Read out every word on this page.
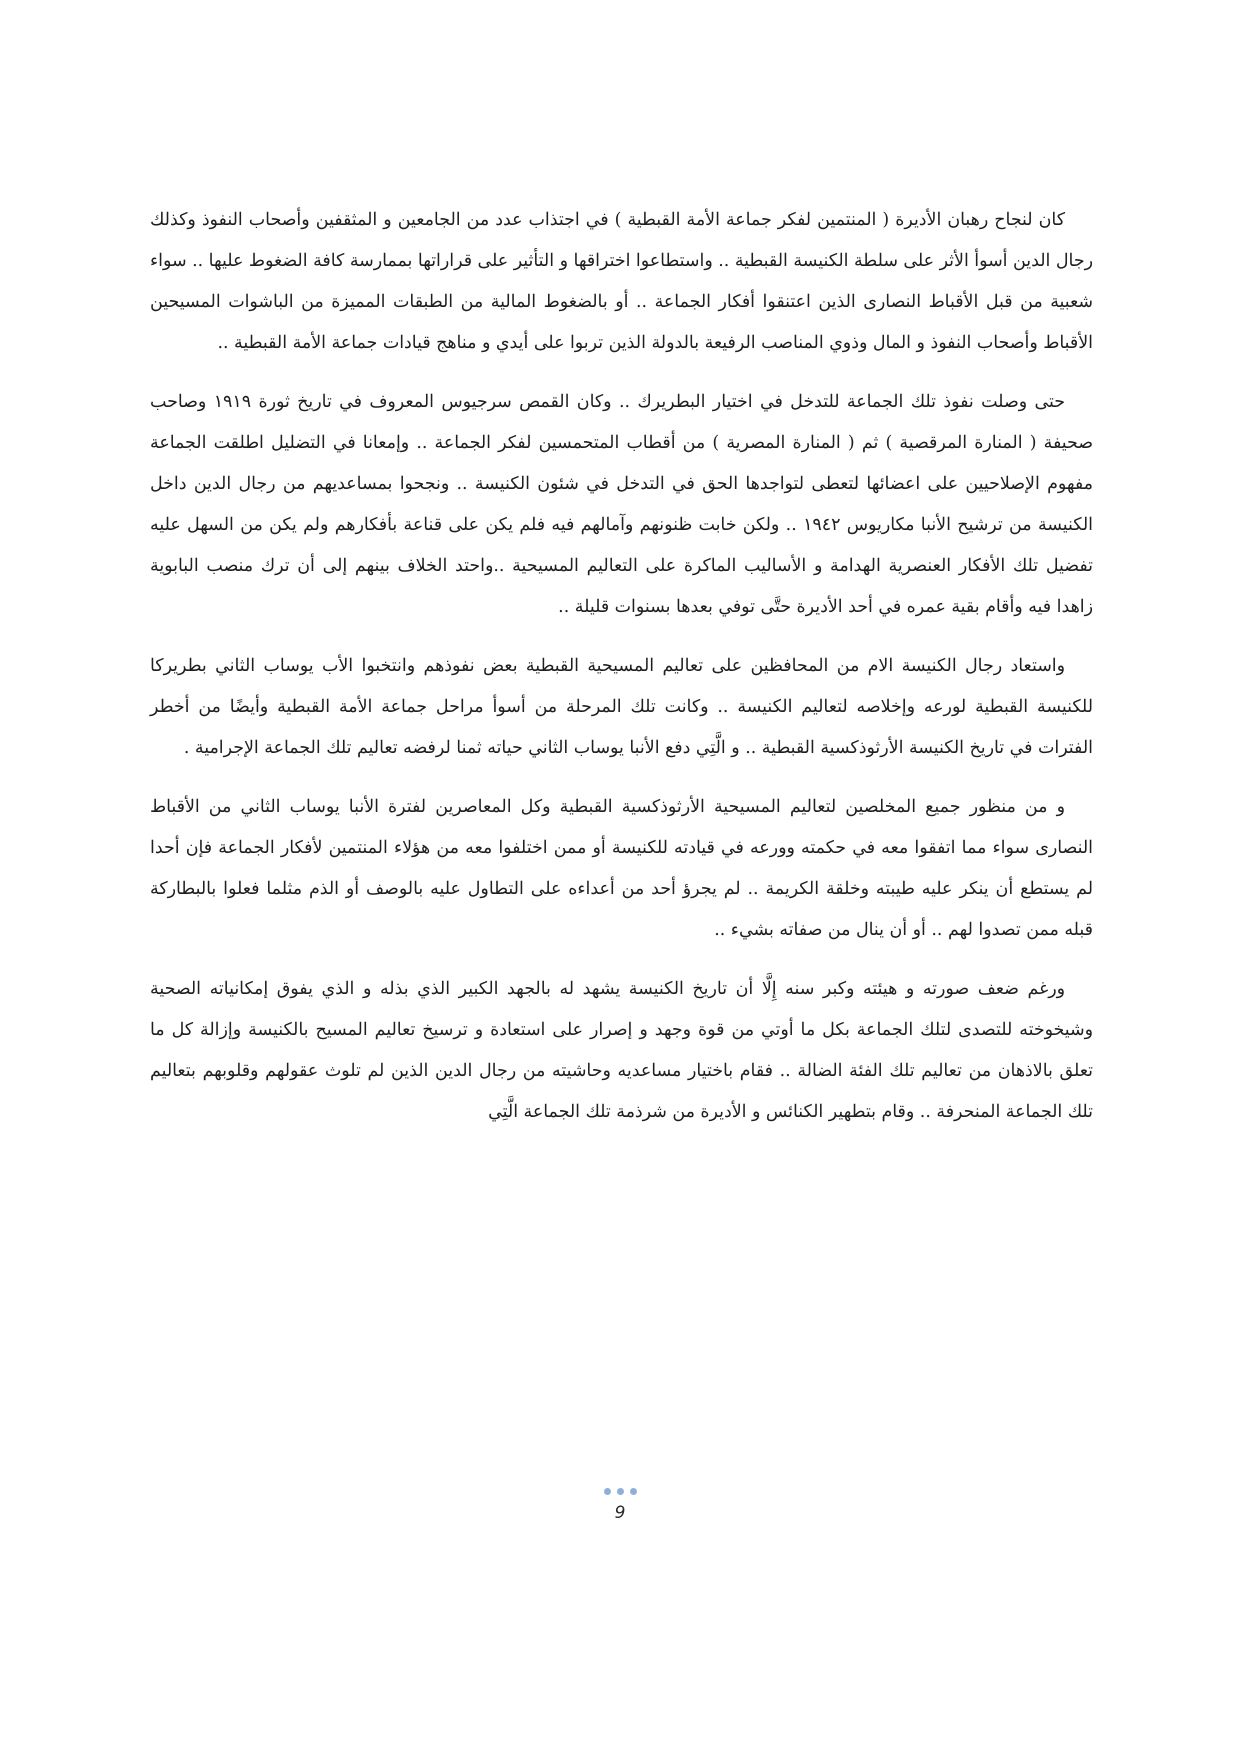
كان لنجاح رهبان الأديرة ( المنتمين لفكر جماعة الأمة القبطية ) في اجتذاب عدد من الجامعين و المثقفين وأصحاب النفوذ وكذلك رجال الدين أسوأ الأثر على سلطة الكنيسة القبطية .. واستطاعوا اختراقها و التأثير على قراراتها بممارسة كافة الضغوط عليها .. سواء شعبية من قبل الأقباط النصارى الذين اعتنقوا أفكار الجماعة .. أو بالضغوط المالية من الطبقات المميزة من الباشوات المسيحين الأقباط وأصحاب النفوذ و المال وذوي المناصب الرفيعة بالدولة الذين تربوا على أيدي و مناهج قيادات جماعة الأمة القبطية ..

حتى وصلت نفوذ تلك الجماعة للتدخل في اختيار البطريرك .. وكان القمص سرجيوس المعروف في تاريخ ثورة ١٩١٩ وصاحب صحيفة ( المنارة المرقصية ) ثم ( المنارة المصرية ) من أقطاب المتحمسين لفكر الجماعة .. وإمعانا في التضليل اطلقت الجماعة مفهوم الإصلاحيين على اعضائها لتعطى لتواجدها الحق في التدخل في شئون الكنيسة .. ونجحوا بمساعديهم من رجال الدين داخل الكنيسة من ترشيح الأنبا مكاريوس ١٩٤٢ .. ولكن خابت ظنونهم وآمالهم فيه فلم يكن على قناعة بأفكارهم ولم يكن من السهل عليه تفضيل تلك الأفكار العنصرية الهدامة و الأساليب الماكرة على التعاليم المسيحية ..واحتد الخلاف بينهم إلى أن ترك منصب البابوية زاهدا فيه وأقام بقية عمره في أحد الأديرة حتَّى توفي بعدها بسنوات قليلة ..

واستعاد رجال الكنيسة الام من المحافظين على تعاليم المسيحية القبطية بعض نفوذهم وانتخبوا الأب يوساب الثاني بطريركا للكنيسة القبطية لورعه وإخلاصه لتعاليم الكنيسة .. وكانت تلك المرحلة من أسوأ مراحل جماعة الأمة القبطية وأيضًا من أخطر الفترات في تاريخ الكنيسة الأرثوذكسية القبطية .. و الَّتِي دفع الأنبا يوساب الثاني حياته ثمنا لرفضه تعاليم تلك الجماعة الإجرامية .

و من منظور جميع المخلصين لتعاليم المسيحية الأرثوذكسية القبطية وكل المعاصرين لفترة الأنبا يوساب الثاني من الأقباط النصارى سواء مما اتفقوا معه في حكمته وورعه في قيادته للكنيسة أو ممن اختلفوا معه من هؤلاء المنتمين لأفكار الجماعة فإن أحدا لم يستطع أن ينكر عليه طيبته وخلقة الكريمة .. لم يجرؤ أحد من أعداءه على التطاول عليه بالوصف أو الذم مثلما فعلوا بالبطاركة قبله ممن تصدوا لهم .. أو أن ينال من صفاته بشيء ..

ورغم ضعف صورته و هيئته وكبر سنه إِلَّا أن تاريخ الكنيسة يشهد له بالجهد الكبير الذي بذله و الذي يفوق إمكانياته الصحية وشيخوخته للتصدى لتلك الجماعة بكل ما أوتي من قوة وجهد و إصرار على استعادة و ترسيخ تعاليم المسيح بالكنيسة وإزالة كل ما تعلق بالاذهان من تعاليم تلك الفئة الضالة .. فقام باختيار مساعديه وحاشيته من رجال الدين الذين لم تلوث عقولهم وقلوبهم بتعاليم تلك الجماعة المنحرفة .. وقام بتطهير الكنائس و الأديرة من شرذمة تلك الجماعة الَّتِي

9
